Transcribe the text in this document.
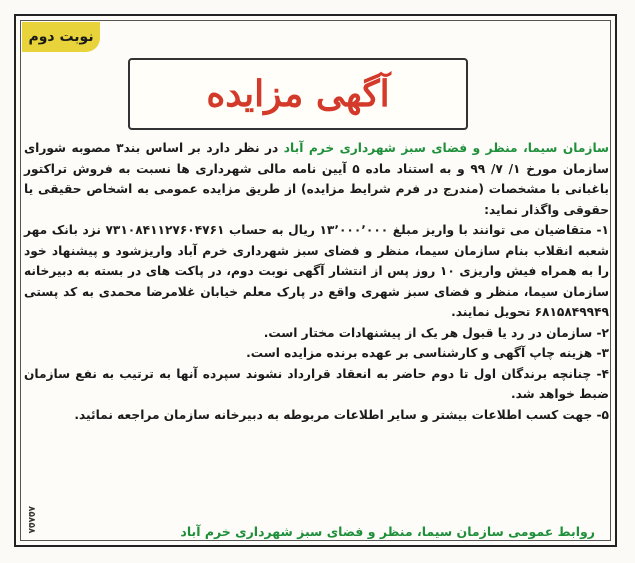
نوبت دوم
آگهی مزایده

سازمان سیما، منظر و فضای سبز شهرداری خرم آباد در نظر دارد بر اساس بند۳ مصوبه شورای سازمان مورخ ۱/ ۷/ ۹۹ و به استناد ماده ۵ آیین نامه مالی شهرداری ها نسبت به فروش تراکتور باغبانی با مشخصات (مندرج در فرم شرایط مزایده) از طریق مزایده عمومی به اشخاص حقیقی یا حقوقی واگذار نماید:

۱- متقاضیان می توانند با واریز مبلغ ۱۳٬۰۰۰٬۰۰۰ ریال به حساب ۷۳۱۰۸۴۱۱۲۷۶۰۴۷۶۱ نزد بانک مهر شعبه انقلاب بنام سازمان سیما، منظر و فضای سبز شهرداری خرم آباد واریزشود و پیشنهاد خود را به همراه فیش واریزی ۱۰ روز پس از انتشار آگهی نوبت دوم، در پاکت های در بسته به دبیرخانه سازمان سیما، منظر و فضای سبز شهری واقع در پارک معلم خیابان غلامرضا محمدی به کد پستی ۶۸۱۵۸۴۹۹۴۹ تحویل نمایند.

۲- سازمان در رد یا قبول هر یک از پیشنهادات مختار است.

۳- هزینه چاپ آگهی و کارشناسی بر عهده برنده مزایده است.

۴- چنانچه برندگان اول تا دوم حاضر به انعقاد قرارداد نشوند سپرده آنها به ترتیب به نفع سازمان ضبط خواهد شد.

۵- جهت کسب اطلاعات بیشتر و سایر اطلاعات مربوطه به دبیرخانه سازمان مراجعه نمائید.

روابط عمومی سازمان سیما، منظر و فضای سبز شهرداری خرم آباد
۸۵۸۵۸
